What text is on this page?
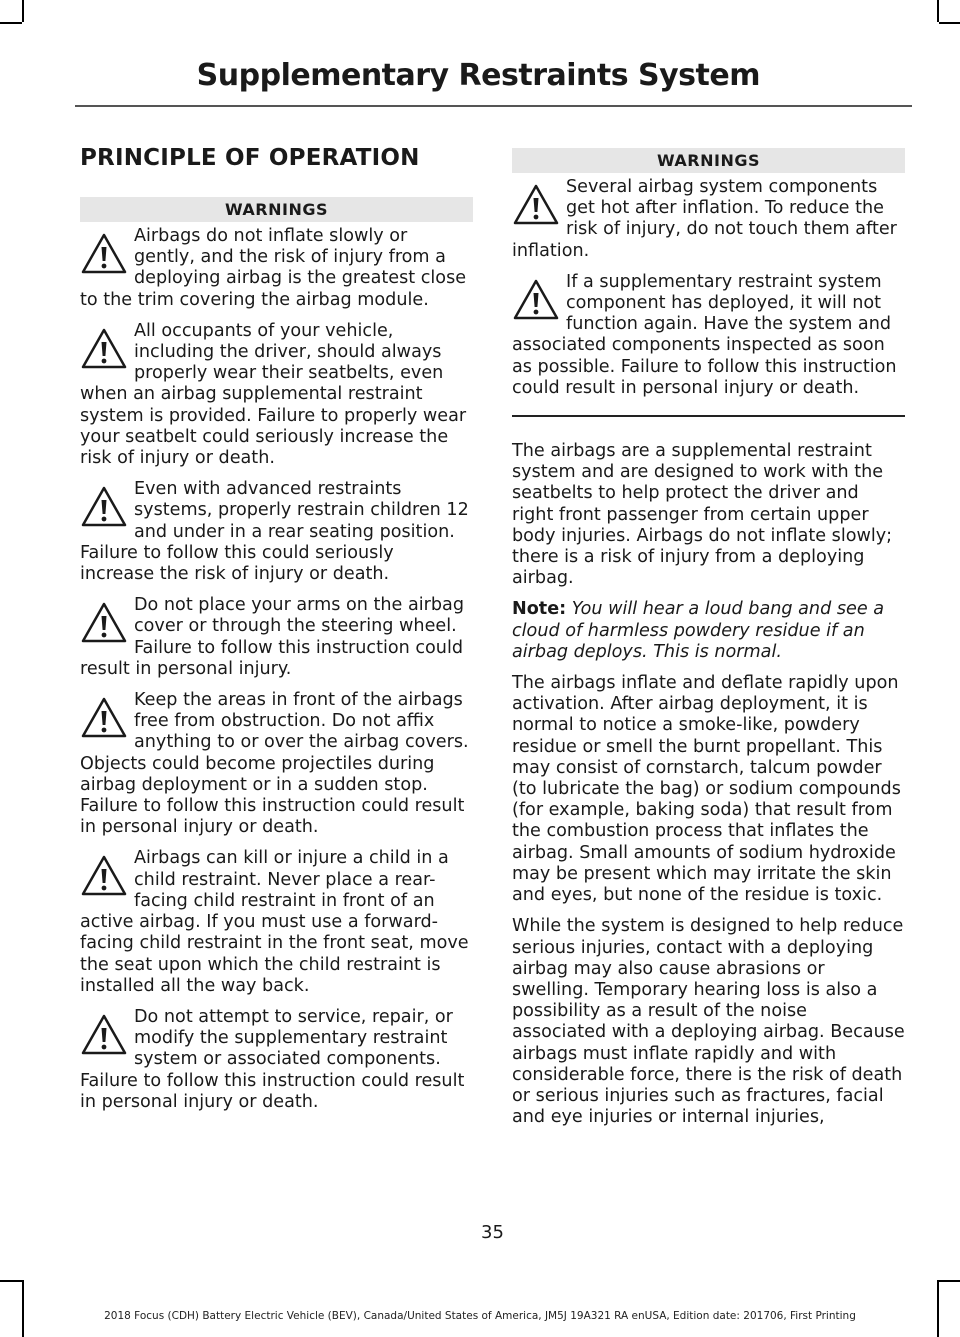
Supplementary Restraints System
PRINCIPLE OF OPERATION
WARNINGS
Airbags do not inflate slowly or gently, and the risk of injury from a deploying airbag is the greatest close to the trim covering the airbag module.
All occupants of your vehicle, including the driver, should always properly wear their seatbelts, even when an airbag supplemental restraint system is provided. Failure to properly wear your seatbelt could seriously increase the risk of injury or death.
Even with advanced restraints systems, properly restrain children 12 and under in a rear seating position. Failure to follow this could seriously increase the risk of injury or death.
Do not place your arms on the airbag cover or through the steering wheel. Failure to follow this instruction could result in personal injury.
Keep the areas in front of the airbags free from obstruction. Do not affix anything to or over the airbag covers. Objects could become projectiles during airbag deployment or in a sudden stop. Failure to follow this instruction could result in personal injury or death.
Airbags can kill or injure a child in a child restraint. Never place a rear-facing child restraint in front of an active airbag. If you must use a forward-facing child restraint in the front seat, move the seat upon which the child restraint is installed all the way back.
Do not attempt to service, repair, or modify the supplementary restraint system or associated components. Failure to follow this instruction could result in personal injury or death.
WARNINGS
Several airbag system components get hot after inflation. To reduce the risk of injury, do not touch them after inflation.
If a supplementary restraint system component has deployed, it will not function again. Have the system and associated components inspected as soon as possible. Failure to follow this instruction could result in personal injury or death.

The airbags are a supplemental restraint system and are designed to work with the seatbelts to help protect the driver and right front passenger from certain upper body injuries. Airbags do not inflate slowly; there is a risk of injury from a deploying airbag.

Note: You will hear a loud bang and see a cloud of harmless powdery residue if an airbag deploys. This is normal.

The airbags inflate and deflate rapidly upon activation. After airbag deployment, it is normal to notice a smoke-like, powdery residue or smell the burnt propellant. This may consist of cornstarch, talcum powder (to lubricate the bag) or sodium compounds (for example, baking soda) that result from the combustion process that inflates the airbag. Small amounts of sodium hydroxide may be present which may irritate the skin and eyes, but none of the residue is toxic.

While the system is designed to help reduce serious injuries, contact with a deploying airbag may also cause abrasions or swelling. Temporary hearing loss is also a possibility as a result of the noise associated with a deploying airbag. Because airbags must inflate rapidly and with considerable force, there is the risk of death or serious injuries such as fractures, facial and eye injuries or internal injuries,

35
2018 Focus (CDH) Battery Electric Vehicle (BEV), Canada/United States of America, JM5J 19A321 RA enUSA, Edition date: 201706, First Printing
